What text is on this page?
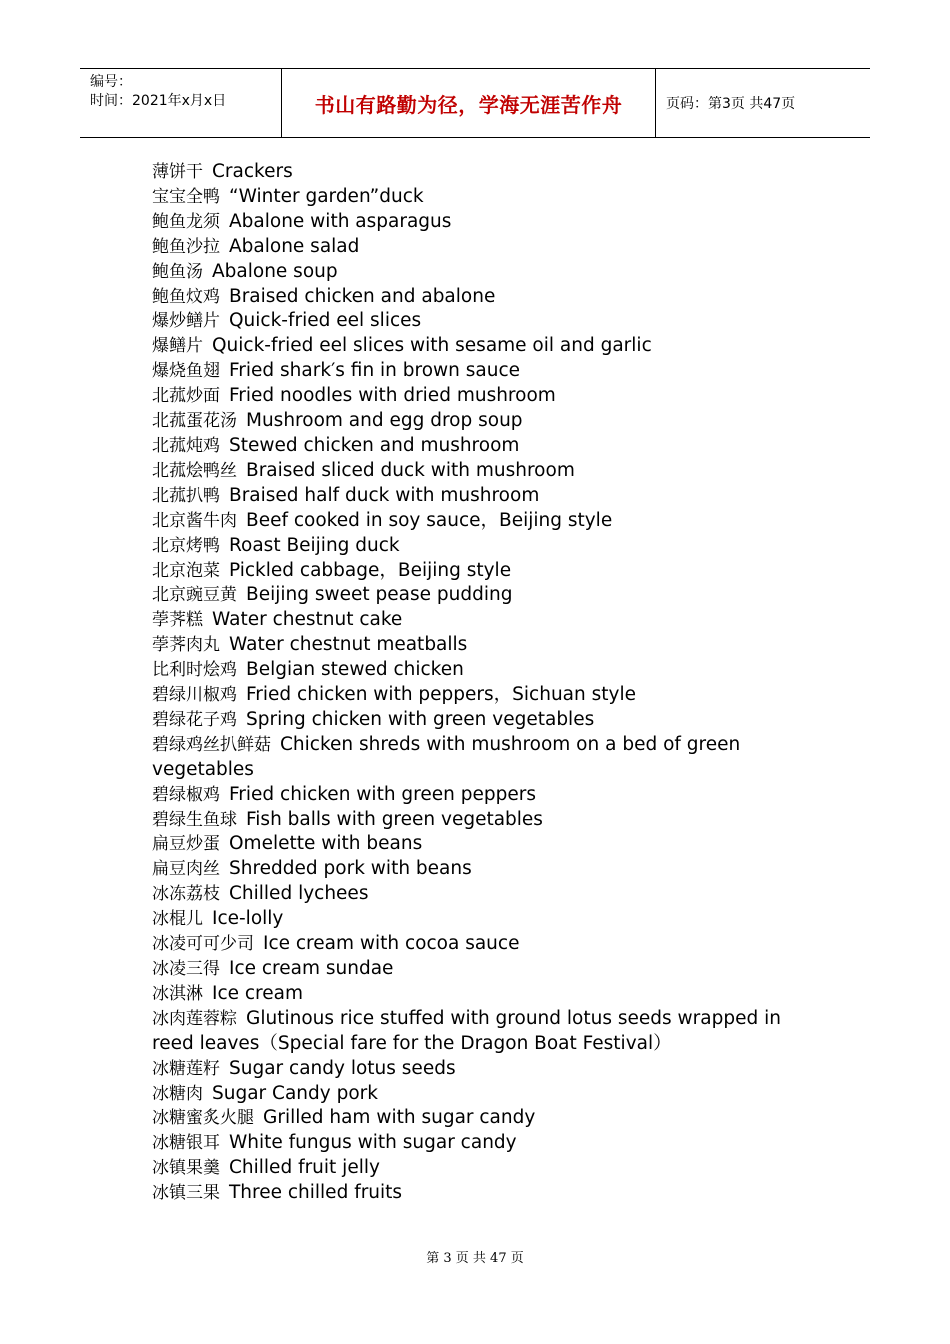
编号：
时间：2021年x月x日	书山有路勤为径，学海无涯苦作舟	页码：第3页 共47页
薄饼干 Crackers
宝宝全鸭 “Winter garden”duck
鲍鱼龙须 Abalone with asparagus
鲍鱼沙拉 Abalone salad
鲍鱼汤 Abalone soup
鲍鱼炆鸡 Braised chicken and abalone
爆炒鳝片 Quick-fried eel slices
爆鳝片 Quick-fried eel slices with sesame oil and garlic
爆烧鱼翅 Fried shark′s fin in brown sauce
北菰炒面 Fried noodles with dried mushroom
北菰蛋花汤 Mushroom and egg drop soup
北菰炖鸡 Stewed chicken and mushroom
北菰烩鸭丝 Braised sliced duck with mushroom
北菰扒鸭 Braised half duck with mushroom
北京酱牛肉 Beef cooked in soy sauce，Beijing style
北京烤鸭 Roast Beijing duck
北京泡菜 Pickled cabbage，Beijing style
北京豌豆黄 Beijing sweet pease pudding
荸荠糕 Water chestnut cake
荸荠肉丸 Water chestnut meatballs
比利时烩鸡 Belgian stewed chicken
碧绿川椒鸡 Fried chicken with peppers，Sichuan style
碧绿花子鸡 Spring chicken with green vegetables
碧绿鸡丝扒鲜菇 Chicken shreds with mushroom on a bed of green vegetables
碧绿椒鸡 Fried chicken with green peppers
碧绿生鱼球 Fish balls with green vegetables
扁豆炒蛋 Omelette with beans
扁豆肉丝 Shredded pork with beans
冰冻荔枝 Chilled lychees
冰棍儿 Ice-lolly
冰凌可可少司 Ice cream with cocoa sauce
冰凌三得 Ice cream sundae
冰淇淋 Ice cream
冰肉莲蓉粽 Glutinous rice stuffed with ground lotus seeds wrapped in reed leaves（Special fare for the Dragon Boat Festival）
冰糖莲籽 Sugar candy lotus seeds
冰糖肉 Sugar Candy pork
冰糖蜜炙火腿 Grilled ham with sugar candy
冰糖银耳 White fungus with sugar candy
冰镇果羹 Chilled fruit jelly
冰镇三果 Three chilled fruits
第 3 页 共 47 页
